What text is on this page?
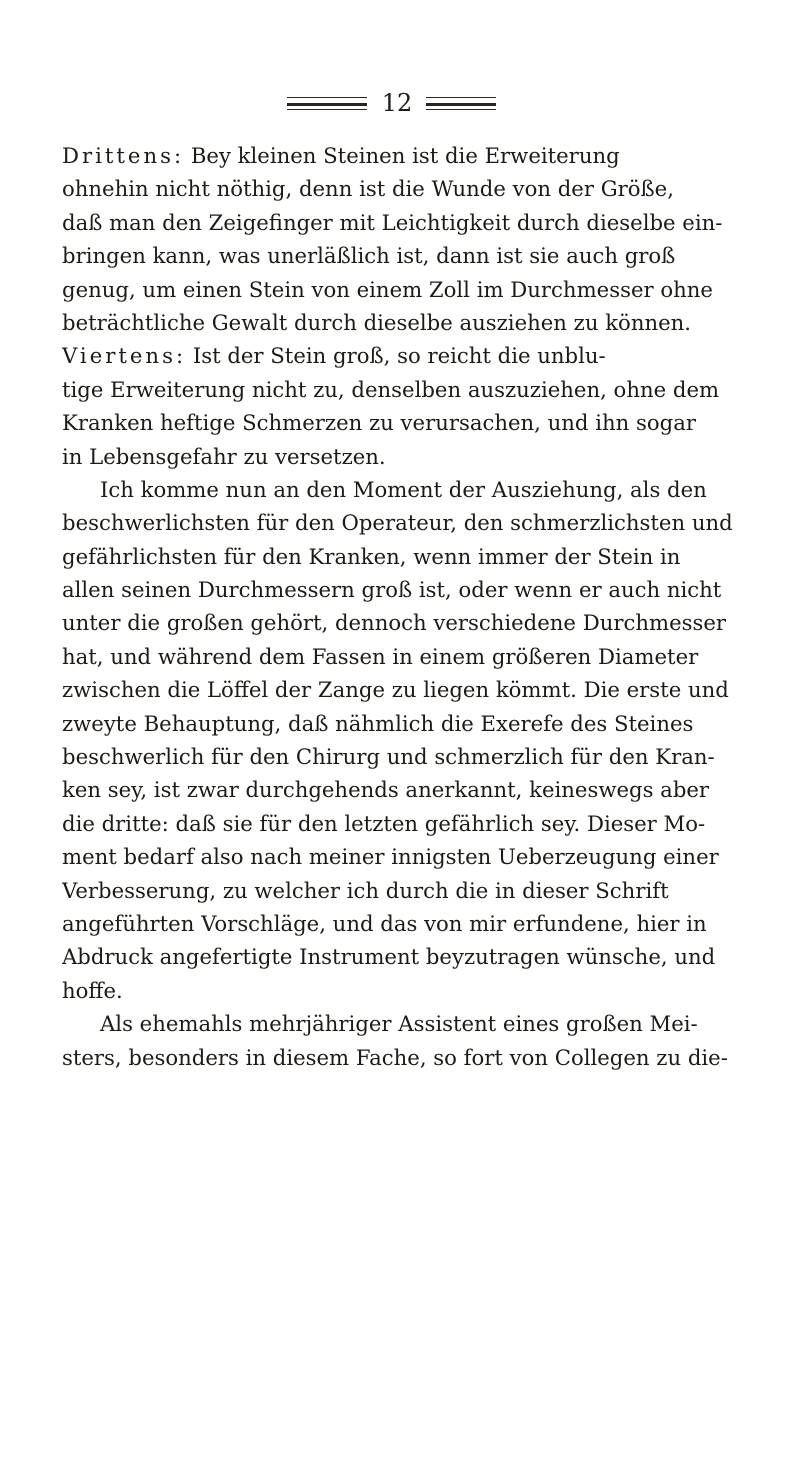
12
Drittens: Bey kleinen Steinen ist die Erweiterung
ohnehin nicht nöthig, denn ist die Wunde von der Größe,
daß man den Zeigefinger mit Leichtigkeit durch dieselbe ein-
bringen kann, was unerläßlich ist, dann ist sie auch groß
genug, um einen Stein von einem Zoll im Durchmesser ohne
beträchtliche Gewalt durch dieselbe ausziehen zu können.
Viertens: Ist der Stein groß, so reicht die unblu-
tige Erweiterung nicht zu, denselben auszuziehen, ohne dem
Kranken heftige Schmerzen zu verursachen, und ihn sogar
in Lebensgefahr zu versetzen.
Ich komme nun an den Moment der Ausziehung, als den
beschwerlichsten für den Operateur, den schmerzlichsten und
gefährlichsten für den Kranken, wenn immer der Stein in
allen seinen Durchmessern groß ist, oder wenn er auch nicht
unter die großen gehört, dennoch verschiedene Durchmesser
hat, und während dem Fassen in einem größeren Diameter
zwischen die Löffel der Zange zu liegen kömmt. Die erste und
zweyte Behauptung, daß nähmlich die Exerefe des Steines
beschwerlich für den Chirurg und schmerzlich für den Kran-
ken sey, ist zwar durchgehends anerkannt, keineswegs aber
die dritte: daß sie für den letzten gefährlich sey. Dieser Mo-
ment bedarf also nach meiner innigsten Ueberzeugung einer
Verbesserung, zu welcher ich durch die in dieser Schrift
angeführten Vorschläge, und das von mir erfundene, hier in
Abdruck angefertigte Instrument beyzutragen wünsche, und
hoffe.
Als ehemahls mehrjähriger Assistent eines großen Mei-
sters, besonders in diesem Fache, so fort von Collegen zu die-
